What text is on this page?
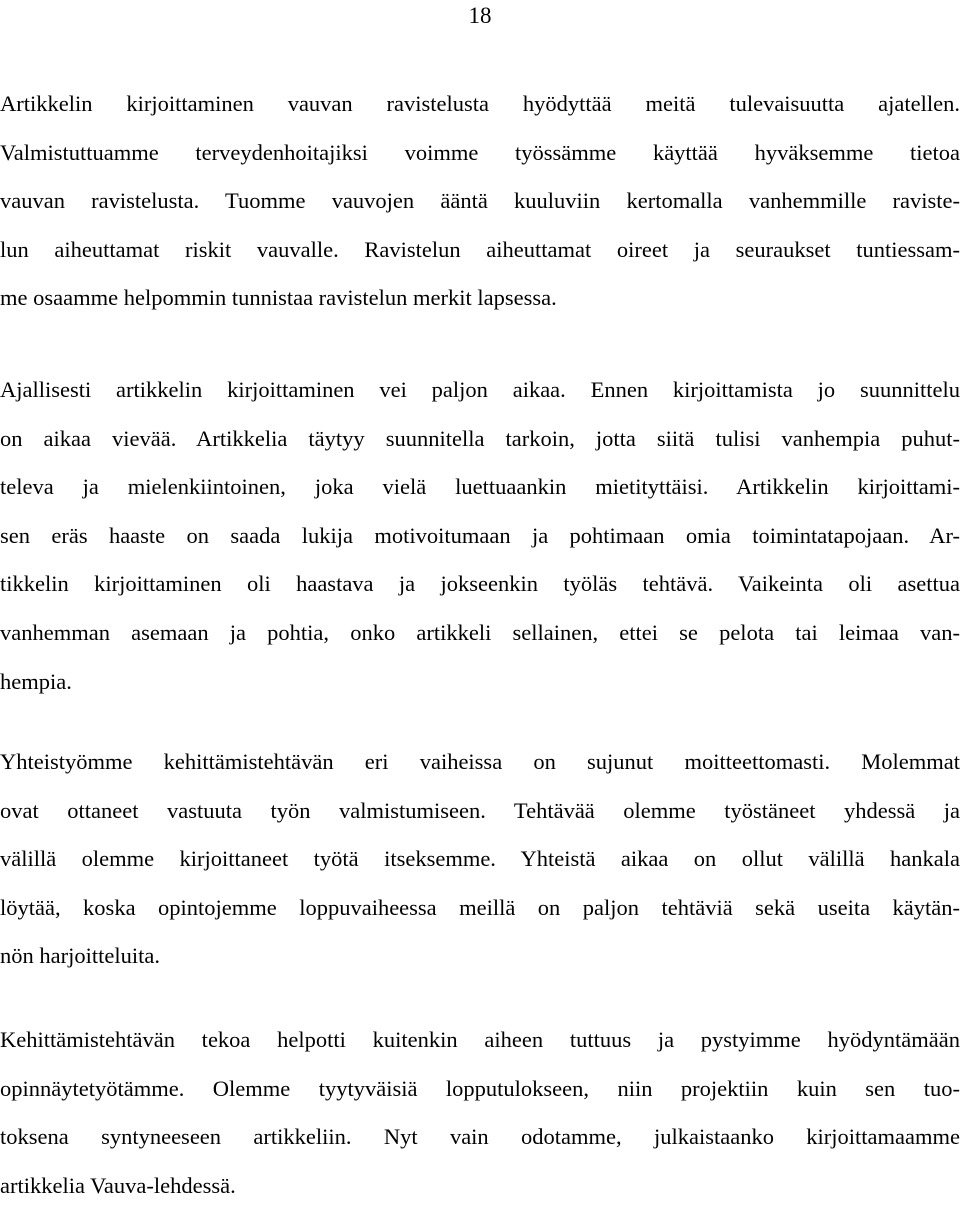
18
Artikkelin kirjoittaminen vauvan ravistelusta hyödyttää meitä tulevaisuutta ajatellen.
Valmistuttuamme terveydenhoitajiksi voimme työssämme käyttää hyväksemme tietoa
vauvan ravistelusta. Tuomme vauvojen ääntä kuuluviin kertomalla vanhemmille raviste-
lun aiheuttamat riskit vauvalle. Ravistelun aiheuttamat oireet ja seuraukset tuntiessam-
me osaamme helpommin tunnistaa ravistelun merkit lapsessa.
Ajallisesti artikkelin kirjoittaminen vei paljon aikaa. Ennen kirjoittamista jo suunnittelu
on aikaa vievää. Artikkelia täytyy suunnitella tarkoin, jotta siitä tulisi vanhempia puhut-
televa ja mielenkiintoinen, joka vielä luettuaankin mietityttäisi. Artikkelin kirjoittami-
sen eräs haaste on saada lukija motivoitumaan ja pohtimaan omia toimintatapojaan. Ar-
tikkelin kirjoittaminen oli haastava ja jokseenkin työläs tehtävä. Vaikeinta oli asettua
vanhemman asemaan ja pohtia, onko artikkeli sellainen, ettei se pelota tai leimaa van-
hempia.
Yhteistyömme kehittämistehtävän eri vaiheissa on sujunut moitteettomasti. Molemmat
ovat ottaneet vastuuta työn valmistumiseen. Tehtävää olemme työstäneet yhdessä ja
välillä olemme kirjoittaneet työtä itseksemme. Yhteistä aikaa on ollut välillä hankala
löytää, koska opintojemme loppuvaiheessa meillä on paljon tehtäviä sekä useita käytän-
nön harjoitteluita.
Kehittämistehtävän tekoa helpotti kuitenkin aiheen tuttuus ja pystyimme hyödyntämään
opinnäytetyötämme. Olemme tyytyväisiä lopputulokseen, niin projektiin kuin sen tuo-
toksena syntyneeseen artikkeliin. Nyt vain odotamme, julkaistaanko kirjoittamaamme
artikkelia Vauva-lehdessä.
